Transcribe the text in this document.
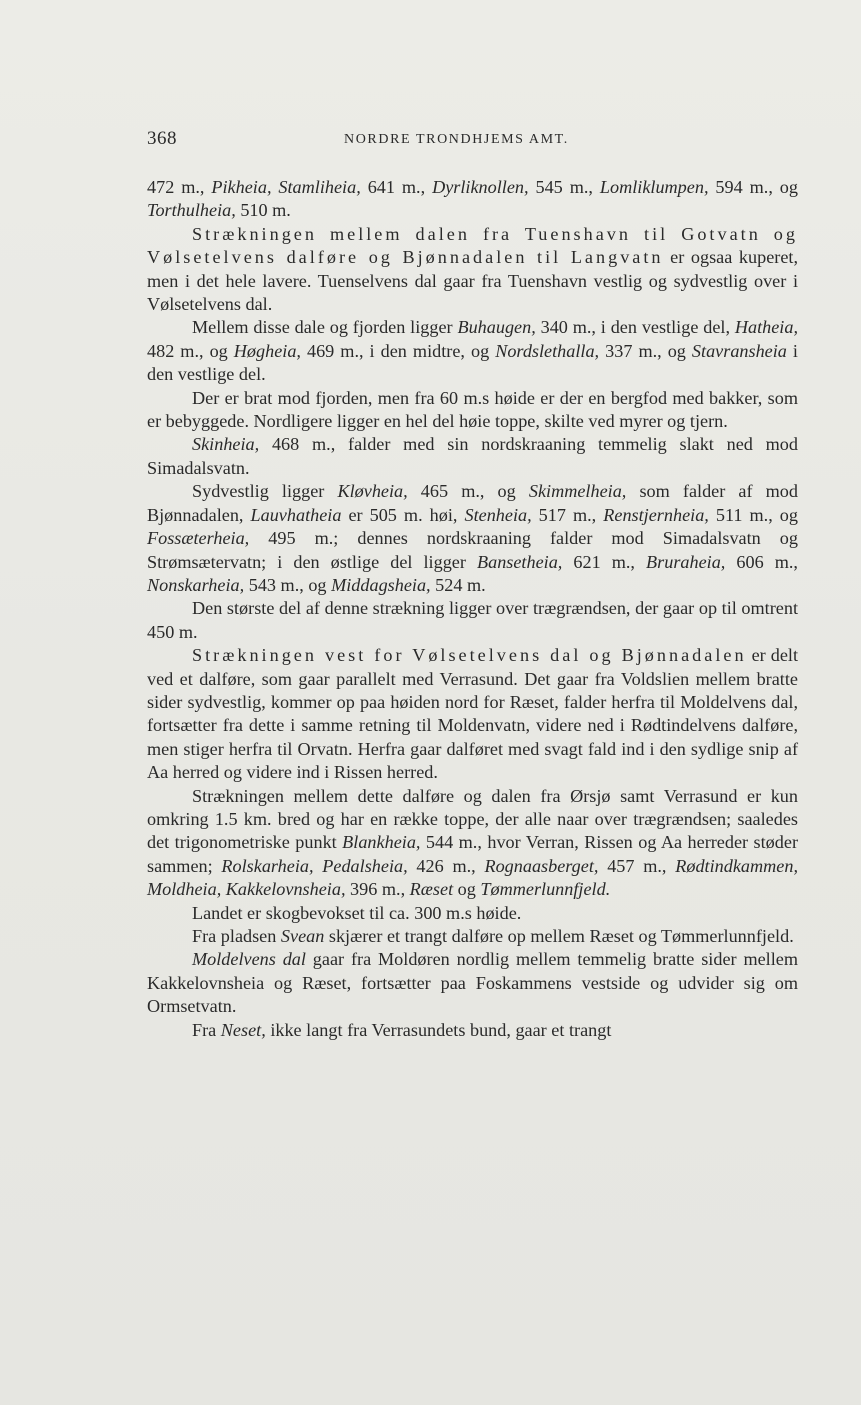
368	NORDRE TRONDHJEMS AMT.

472 m., Pikheia, Stamliheia, 641 m., Dyrliknollen, 545 m., Lomliklumpen, 594 m., og Torthulheia, 510 m.

Strækningen mellem dalen fra Tuenshavn til Gotvatn og Vølsetelvens dalføre og Bjønnadalen til Langvatn er ogsaa kuperet, men i det hele lavere. Tuenselvens dal gaar fra Tuenshavn vestlig og sydvestlig over i Vølsetelvens dal.

Mellem disse dale og fjorden ligger Buhaugen, 340 m., i den vestlige del, Hatheia, 482 m., og Høgheia, 469 m., i den midtre, og Nordslethalla, 337 m., og Stavransheia i den vestlige del.

Der er brat mod fjorden, men fra 60 m.s høide er der en bergfod med bakker, som er bebyggede. Nordligere ligger en hel del høie toppe, skilte ved myrer og tjern.

Skinheia, 468 m., falder med sin nordskraaning temmelig slakt ned mod Simadalsvatn.

Sydvestlig ligger Kløvheia, 465 m., og Skimmelheia, som falder af mod Bjønnadalen, Lauvhatheia er 505 m. høi, Stenheia, 517 m., Renstjernheia, 511 m., og Fossæterheia, 495 m.; dennes nordskraaning falder mod Simadalsvatn og Strømsætervatn; i den østlige del ligger Bansetheia, 621 m., Bruraheia, 606 m., Nonskarheia, 543 m., og Middagsheia, 524 m.

Den største del af denne strækning ligger over trægrændsen, der gaar op til omtrent 450 m.

Strækningen vest for Vølsetelvens dal og Bjønnadalen er delt ved et dalføre, som gaar parallelt med Verrasund. Det gaar fra Voldslien mellem bratte sider sydvestlig, kommer op paa høiden nord for Ræset, falder herfra til Moldelvens dal, fortsætter fra dette i samme retning til Moldenvatn, videre ned i Rødtindelvens dalføre, men stiger herfra til Orvatn. Herfra gaar dalføret med svagt fald ind i den sydlige snip af Aa herred og videre ind i Rissen herred.

Strækningen mellem dette dalføre og dalen fra Ørsjø samt Verrasund er kun omkring 1.5 km. bred og har en række toppe, der alle naar over trægrændsen; saaledes det trigonometriske punkt Blankheia, 544 m., hvor Verran, Rissen og Aa herreder støder sammen; Rolskarheia, Pedalsheia, 426 m., Rognaasberget, 457 m., Rødtindkammen, Moldheia, Kakkelovnsheia, 396 m., Ræset og Tømmerlunnfjeld.

Landet er skogbevokset til ca. 300 m.s høide.

Fra pladsen Svean skjærer et trangt dalføre op mellem Ræset og Tømmerlunnfjeld.

Moldelvens dal gaar fra Moldøren nordlig mellem temmelig bratte sider mellem Kakkelovnsheia og Ræset, fortsætter paa Foskammens vestside og udvider sig om Ormsetvatn.

Fra Neset, ikke langt fra Verrasundets bund, gaar et trangt
